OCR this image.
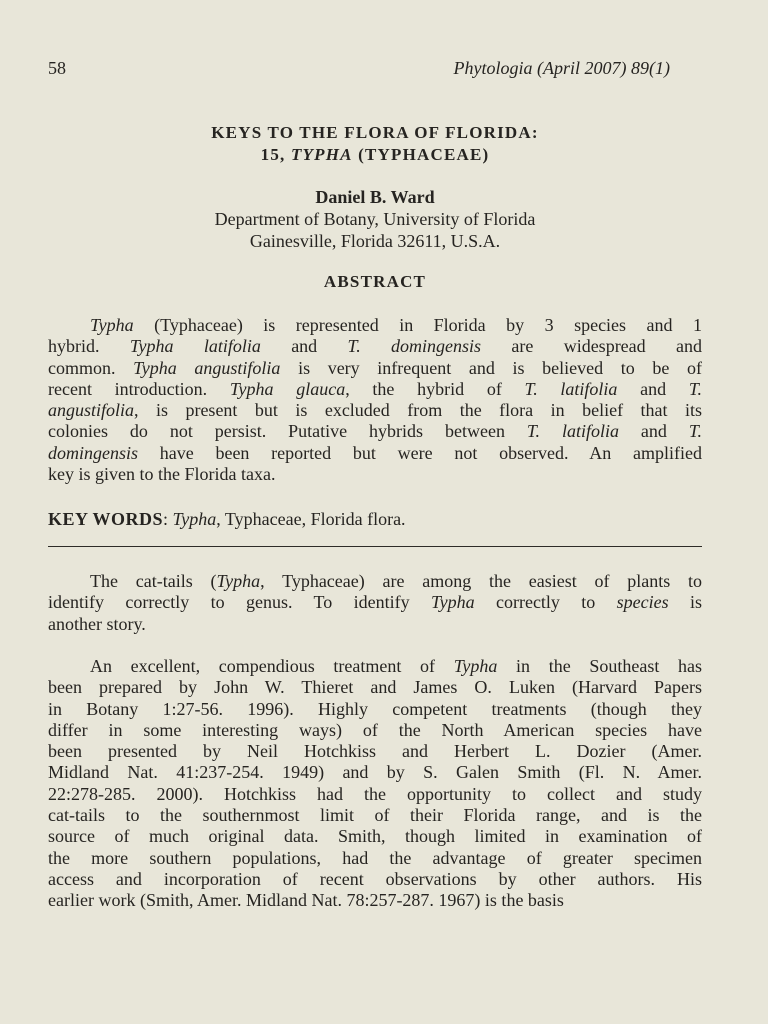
58	Phytologia (April 2007) 89(1)
KEYS TO THE FLORA OF FLORIDA:
15, TYPHA (TYPHACEAE)
Daniel B. Ward
Department of Botany, University of Florida
Gainesville, Florida 32611, U.S.A.
ABSTRACT
Typha (Typhaceae) is represented in Florida by 3 species and 1
hybrid. Typha latifolia and T. domingensis are widespread and
common. Typha angustifolia is very infrequent and is believed to be of
recent introduction. Typha glauca, the hybrid of T. latifolia and T.
angustifolia, is present but is excluded from the flora in belief that its
colonies do not persist. Putative hybrids between T. latifolia and T.
domingensis have been reported but were not observed. An amplified
key is given to the Florida taxa.
KEY WORDS: Typha, Typhaceae, Florida flora.
The cat-tails (Typha, Typhaceae) are among the easiest of plants to
identify correctly to genus. To identify Typha correctly to species is
another story.
An excellent, compendious treatment of Typha in the Southeast has
been prepared by John W. Thieret and James O. Luken (Harvard Papers
in Botany 1:27-56. 1996). Highly competent treatments (though they
differ in some interesting ways) of the North American species have
been presented by Neil Hotchkiss and Herbert L. Dozier (Amer.
Midland Nat. 41:237-254. 1949) and by S. Galen Smith (Fl. N. Amer.
22:278-285. 2000). Hotchkiss had the opportunity to collect and study
cat-tails to the southernmost limit of their Florida range, and is the
source of much original data. Smith, though limited in examination of
the more southern populations, had the advantage of greater specimen
access and incorporation of recent observations by other authors. His
earlier work (Smith, Amer. Midland Nat. 78:257-287. 1967) is the basis
